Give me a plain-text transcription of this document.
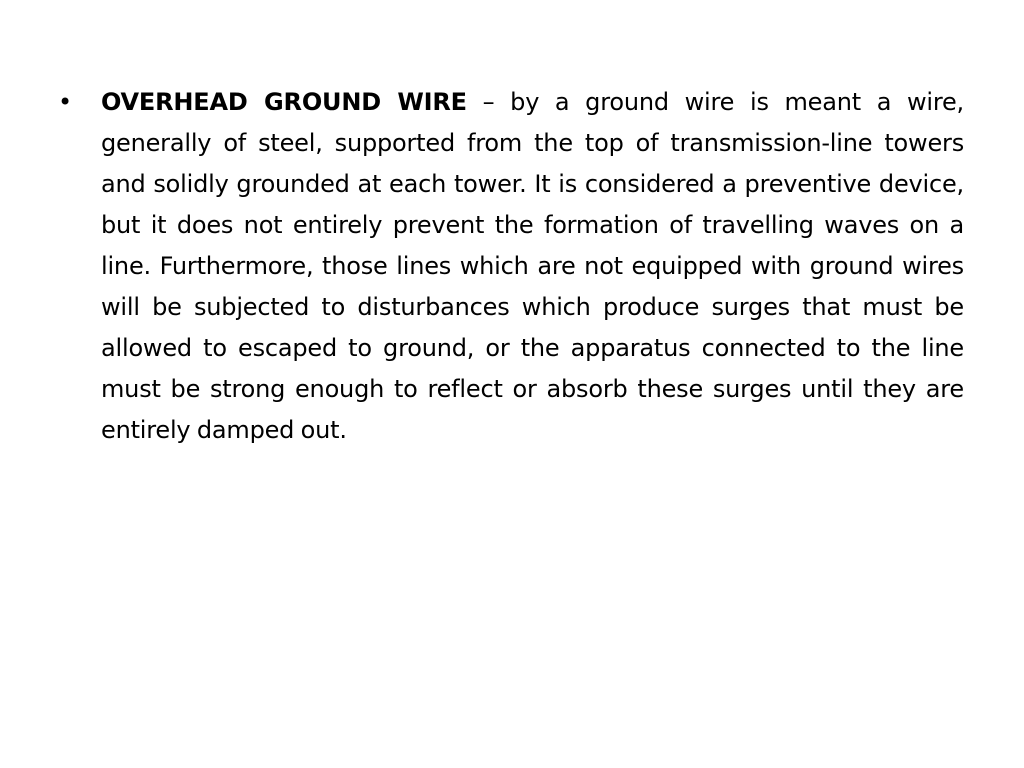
• OVERHEAD GROUND WIRE – by a ground wire is meant a wire, generally of steel, supported from the top of transmission-line towers and solidly grounded at each tower. It is considered a preventive device, but it does not entirely prevent the formation of travelling waves on a line. Furthermore, those lines which are not equipped with ground wires will be subjected to disturbances which produce surges that must be allowed to escaped to ground, or the apparatus connected to the line must be strong enough to reflect or absorb these surges until they are entirely damped out.
